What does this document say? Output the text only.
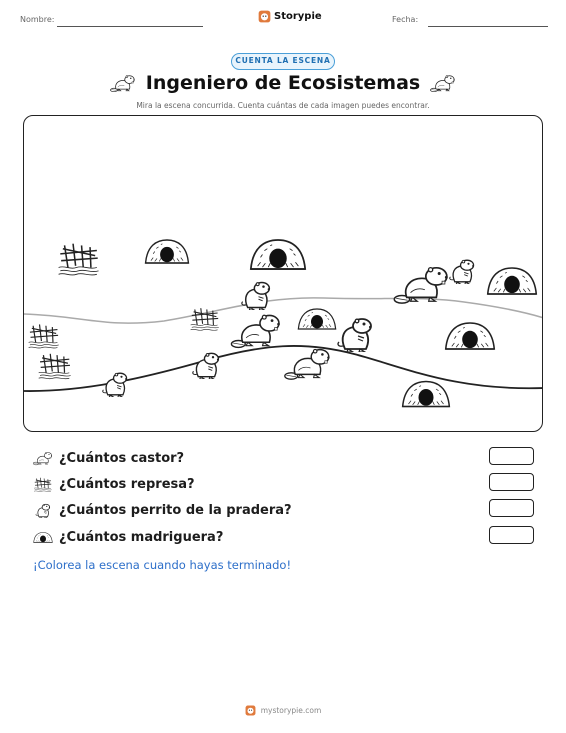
Nombre:	Storypie	Fecha:
CUENTA LA ESCENA
Ingeniero de Ecosistemas
Mira la escena concurrida. Cuenta cuántas de cada imagen puedes encontrar.
¿Cuántos castor?
¿Cuántos represa?
¿Cuántos perrito de la pradera?
¿Cuántos madriguera?
¡Colorea la escena cuando hayas terminado!
mystorypie.com
